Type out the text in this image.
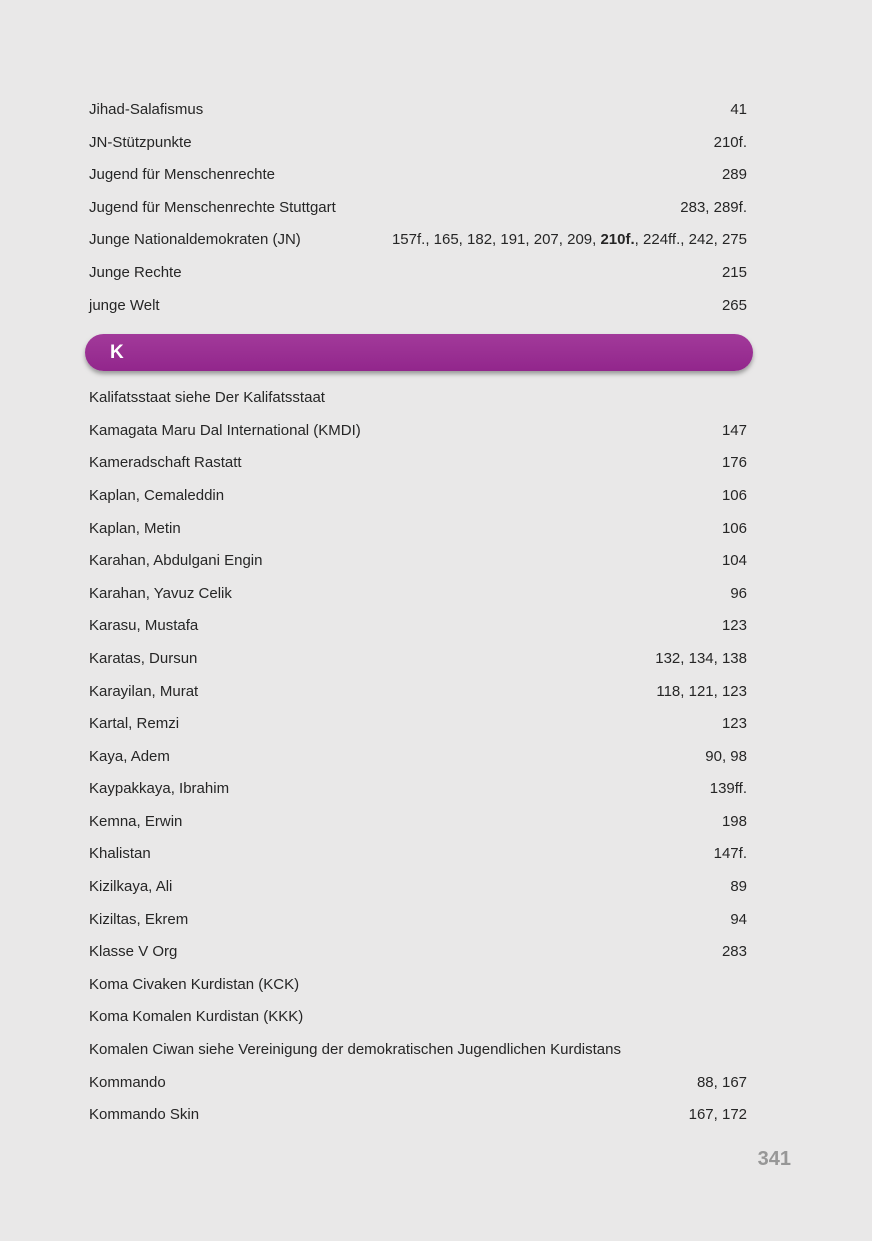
Jihad-Salafismus	41
JN-Stützpunkte	210f.
Jugend für Menschenrechte	289
Jugend für Menschenrechte Stuttgart	283, 289f.
Junge Nationaldemokraten (JN)	157f., 165, 182, 191, 207, 209, 210f., 224ff., 242, 275
Junge Rechte	215
junge Welt	265
K
Kalifatsstaat siehe Der Kalifatsstaat
Kamagata Maru Dal International (KMDI)	147
Kameradschaft Rastatt	176
Kaplan, Cemaleddin	106
Kaplan, Metin	106
Karahan, Abdulgani Engin	104
Karahan, Yavuz Celik	96
Karasu, Mustafa	123
Karatas, Dursun	132, 134, 138
Karayilan, Murat	118, 121, 123
Kartal, Remzi	123
Kaya, Adem	90, 98
Kaypakkaya, Ibrahim	139ff.
Kemna, Erwin	198
Khalistan	147f.
Kizilkaya, Ali	89
Kiziltas, Ekrem	94
Klasse V Org	283
Koma Civaken Kurdistan (KCK)
Koma Komalen Kurdistan (KKK)
Komalen Ciwan siehe Vereinigung der demokratischen Jugendlichen Kurdistans
Kommando	88, 167
Kommando Skin	167, 172
341
